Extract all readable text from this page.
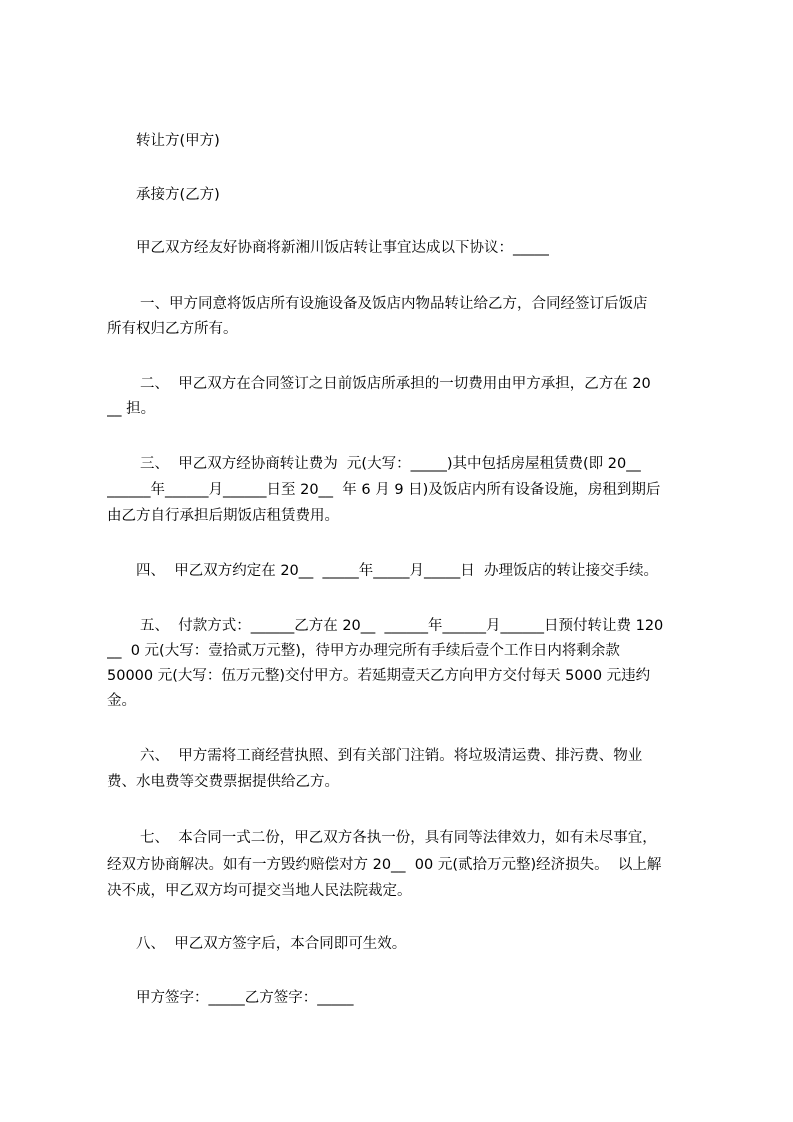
转让方(甲方)
承接方(乙方)
甲乙双方经友好协商将新湘川饭店转让事宜达成以下协议：_____
一、甲方同意将饭店所有设施设备及饭店内物品转让给乙方，合同经签订后饭店
所有权归乙方所有。
二、  甲乙双方在合同签订之日前饭店所承担的一切费用由甲方承担，乙方在 20
__ 担。
三、  甲乙双方经协商转让费为  元(大写：_____)其中包括房屋租赁费(即 20__
______年______月______日至 20__  年 6 月 9 日)及饭店内所有设备设施，房租到期后
由乙方自行承担后期饭店租赁费用。
四、  甲乙双方约定在 20__  _____年_____月_____日  办理饭店的转让接交手续。
五、  付款方式：______乙方在 20__  ______年______月______日预付转让费 120
__  0 元(大写：壹拾贰万元整)，待甲方办理完所有手续后壹个工作日内将剩余款
50000 元(大写：伍万元整)交付甲方。若延期壹天乙方向甲方交付每天 5000 元违约
金。
六、  甲方需将工商经营执照、到有关部门注销。将垃圾清运费、排污费、物业
费、水电费等交费票据提供给乙方。
七、  本合同一式二份，甲乙双方各执一份，具有同等法律效力，如有未尽事宜，
经双方协商解决。如有一方毁约赔偿对方 20__  00 元(贰拾万元整)经济损失。  以上解
决不成，甲乙双方均可提交当地人民法院裁定。
八、  甲乙双方签字后，本合同即可生效。
甲方签字：_____乙方签字：_____
